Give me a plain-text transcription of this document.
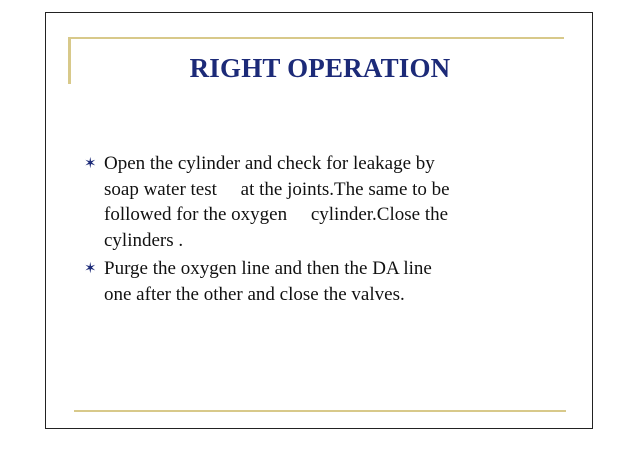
RIGHT OPERATION
✶ Open the cylinder and check for leakage by
soap water test     at the joints.The same to be
followed for the oxygen     cylinder.Close the
cylinders .
✶ Purge the oxygen line and then the DA line
one after the other and close the valves.
